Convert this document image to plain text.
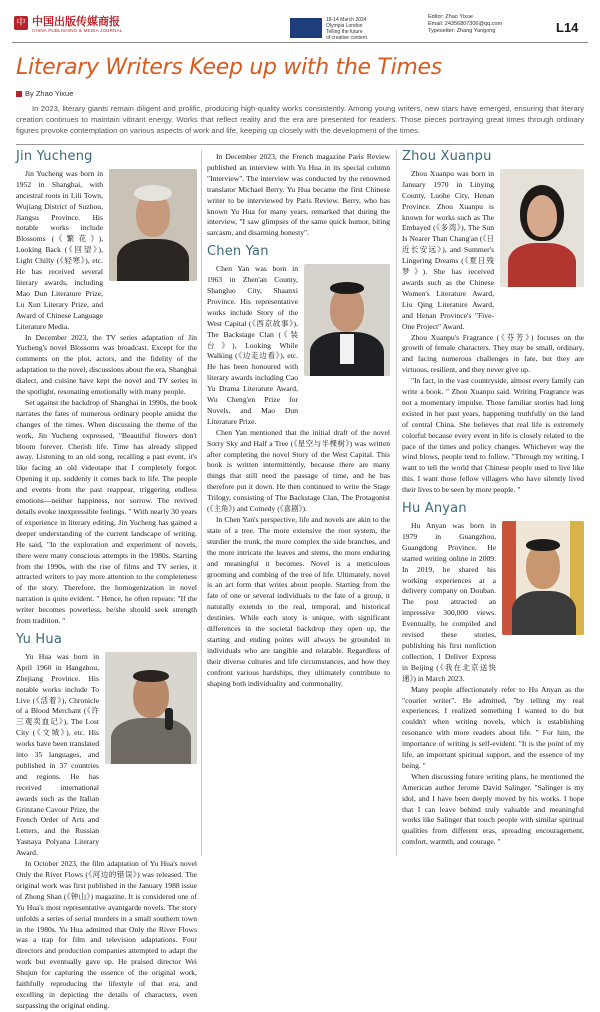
中 中国出版传媒商报
CHINA PUBLISHING & MEDIA JOURNAL
18-14 March 2024
Olympia London
Telling the future
of creative content
Editor: Zhao Yixue
Email: 24356807306@qq.com
Typesetter: Zhang Yangong	L14
Literary Writers Keep up with the Times
By Zhao Yixue
In 2023, literary giants remain diligent and prolific, producing high-quality works consistently. Among young writers, new stars have emerged, ensuring that literary creation continues to maintain vibrant energy. Works that reflect reality and the era are presented for readers. Those pieces portraying great times through ordinary figures provoke contemplation on various aspects of work and life, keeping up closely with the development of the times.
Jin Yucheng

Jin Yucheng was born in 1952 in Shanghai, with ancestral roots in Lili Town, Wujiang District of Suzhou, Jiangsu Province. His notable works include Blossoms (《繁花》), Looking Back (《回望》), Light Chilly (《轻寒》), etc. He has received several literary awards, including Mao Dun Literature Prize, Lu Xun Literary Prize, and Award of Chinese Language Literature Media.

In December 2023, the TV series adaptation of Jin Yucheng's novel Blossoms was broadcast. Except for the comments on the plot, actors, and the fidelity of the adaptation to the novel, discussions about the era, Shanghai dialect, and cuisine have kept the novel and TV series in the spotlight, resonating emotionally with many people.

Set against the backdrop of Shanghai in 1990s, the book narrates the fates of numerous ordinary people amidst the changes of the times. When discussing the theme of the work, Jin Yucheng expressed, "Beautiful flowers don't bloom forever. Cherish life. Time has already slipped away. Listening to an old song, recalling a past event, it's like facing an old videotape that I completely forgot. Opening it up, suddenly it comes back to life. The people and events from the past reappear, triggering endless emotions—neither happiness, nor sorrow. The revived details evoke inexpressible feelings. " With nearly 30 years of experience in literary editing, Jin Yucheng has gained a deeper understanding of the current landscape of writing. He said, "In the exploration and experiment of novels, there were many conscious attempts in the 1980s. Starting from the 1990s, with the rise of films and TV series, it attracted writers to pay more attention to the completeness of the story. Therefore, the homogenization in novel narration is quite evident. " Hence, he often repeats: "If the writer becomes powerless, he/she should seek strength from tradition. "

Yu Hua

Yu Hua was born in April 1960 in Hangzhou, Zhejiang Province. His notable works include To Live (《活着》), Chronicle of a Blood Merchant (《许三观卖血记》), The Lost City (《文城》), etc. His works have been translated into 35 languages, and published in 37 countries and regions. He has received international awards such as the Italian Grinzane Cavour Prize, the French Order of Arts and Letters, and the Russian Yasnaya Polyana Literary Award.

In October 2023, the film adaptation of Yu Hua's novel Only the River Flows (《河边的错误》) was released. The original work was first published in the January 1988 issue of Zhong Shan (《钟山》) magazine. It is considered one of Yu Hua's most representative avantgarde novels. The story unfolds a series of serial murders in a small southern town in the 1980s. Yu Hua admitted that Only the River Flows was a trap for film and television adaptations. Four directors and production companies attempted to adapt the work but eventually gave up. He praised director Wei Shujun for capturing the essence of the original work, faithfully reproducing the lifestyle of that era, and excelling in depicting the details of characters, even surpassing the original ending.

In December 2023, the French magazine Paris Review published an interview with Yu Hua in its special column "Interview". The interview was conducted by the renowned translator Michael Berry. Yu Hua became the first Chinese writer to be interviewed by Paris Review. Berry, who has known Yu Hua for many years, remarked that during the interview, "I saw glimpses of the same quick humor, biting sarcasm, and disarming honesty".

Chen Yan

Chen Yan was born in 1963 in Zhen'an County, Shangluo City, Shaanxi Province. His representative works include Story of the West Capital (《西京故事》), The Backstage Clan (《装台》), Looking While Walking (《边走边看》), etc. He has been honoured with literary awards including Cao Yu Drama Literature Award, Wu Cheng'en Prize for Novels, and Mao Dun Literature Prize.

Chen Yan mentioned that the initial draft of the novel Sorry Sky and Half a Tree (《星空与半棵树》) was written after completing the novel Story of the West Capital. This book is written intermittently, because there are many things that still need the passage of time, and he has therefore put it down. He then continued to write the Stage Trilogy, consisting of The Backstage Clan, The Protagonist (《主角》) and Comedy (《喜剧》).

In Chen Yan's perspective, life and novels are akin to the state of a tree. The more extensive the root system, the sturdier the trunk, the more complex the side branches, and the more intricate the leaves and stems, the more enduring and meaningful it becomes. Novel is a meticulous grooming and combing of the tree of life. Ultimately, novel is an art form that writes about people. Starting from the fate of one or several individuals to the fate of a group, it naturally extends to the real, temporal, and historical destinies. While each story is unique, with significant differences in the societal backdrop they open up, the starting and ending points will always be grounded in individuals who are tangible and relatable. Regardless of their diverse cultures and life circumstances, and how they confront various hardships, they ultimately contribute to shaping both individuality and commonality.

Zhou Xuanpu

Zhou Xuanpu was born in January 1970 in Linying County, Luohe City, Henan Province. Zhou Xuanpu is known for works such as The Embayed (《多湾》), The Sun Is Nearer Than Chang'an (《日近长安远》), and Summer's Lingering Dreams (《夏日残梦》). She has received awards such as the Chinese Women's Literature Award, Liu Qing Literature Award, and Henan Province's "Five-One Project" Award.

Zhou Xuanpu's Fragrance (《芬芳》) focuses on the growth of female characters. They may be small, ordinary, and facing numerous challenges in fate, but they are virtuous, resilient, and they never give up.

"In fact, in the vast countryside, almost every family can write a book. " Zhou Xuanpu said. Writing Fragrance was not a momentary impulse. Those familiar stories had long existed in her past years, happening truthfully on the land of central China. She believes that real life is extremely colorful because every event in life is closely related to the pace of the times and policy changes. Whichever way the wind blows, people tend to follow. "Through my writing, I want to tell the world that Chinese people used to live like this. I want those fellow villagers who have silently lived their lives to be seen by more people. "

Hu Anyan

Hu Anyan was born in 1979 in Guangzhou, Guangdong Province. He started writing online in 2009. In 2019, he shared his working experiences at a delivery company on Douban. The post attracted an impressive 300,000 views. Eventually, he compiled and revised these stories, publishing his first nonfiction collection, I Deliver Express in Beijing (《我在北京送快递》) in March 2023.

Many people affectionately refer to Hu Anyan as the "courier writer". He admitted, "by telling my real experiences, I realized something I wanted to do but couldn't when writing novels, which is establishing resonance with more readers about life. " For him, the importance of writing is self-evident. "It is the point of my life, an important spiritual support, and the essence of my being. "

When discussing future writing plans, he mentioned the American author Jerome David Salinger. "Salinger is my idol, and I have been deeply moved by his works. I hope that I can leave behind truly valuable and meaningful works like Salinger that touch people with similar spiritual qualities from different eras, spreading encouragement, comfort, warmth, and courage. "
